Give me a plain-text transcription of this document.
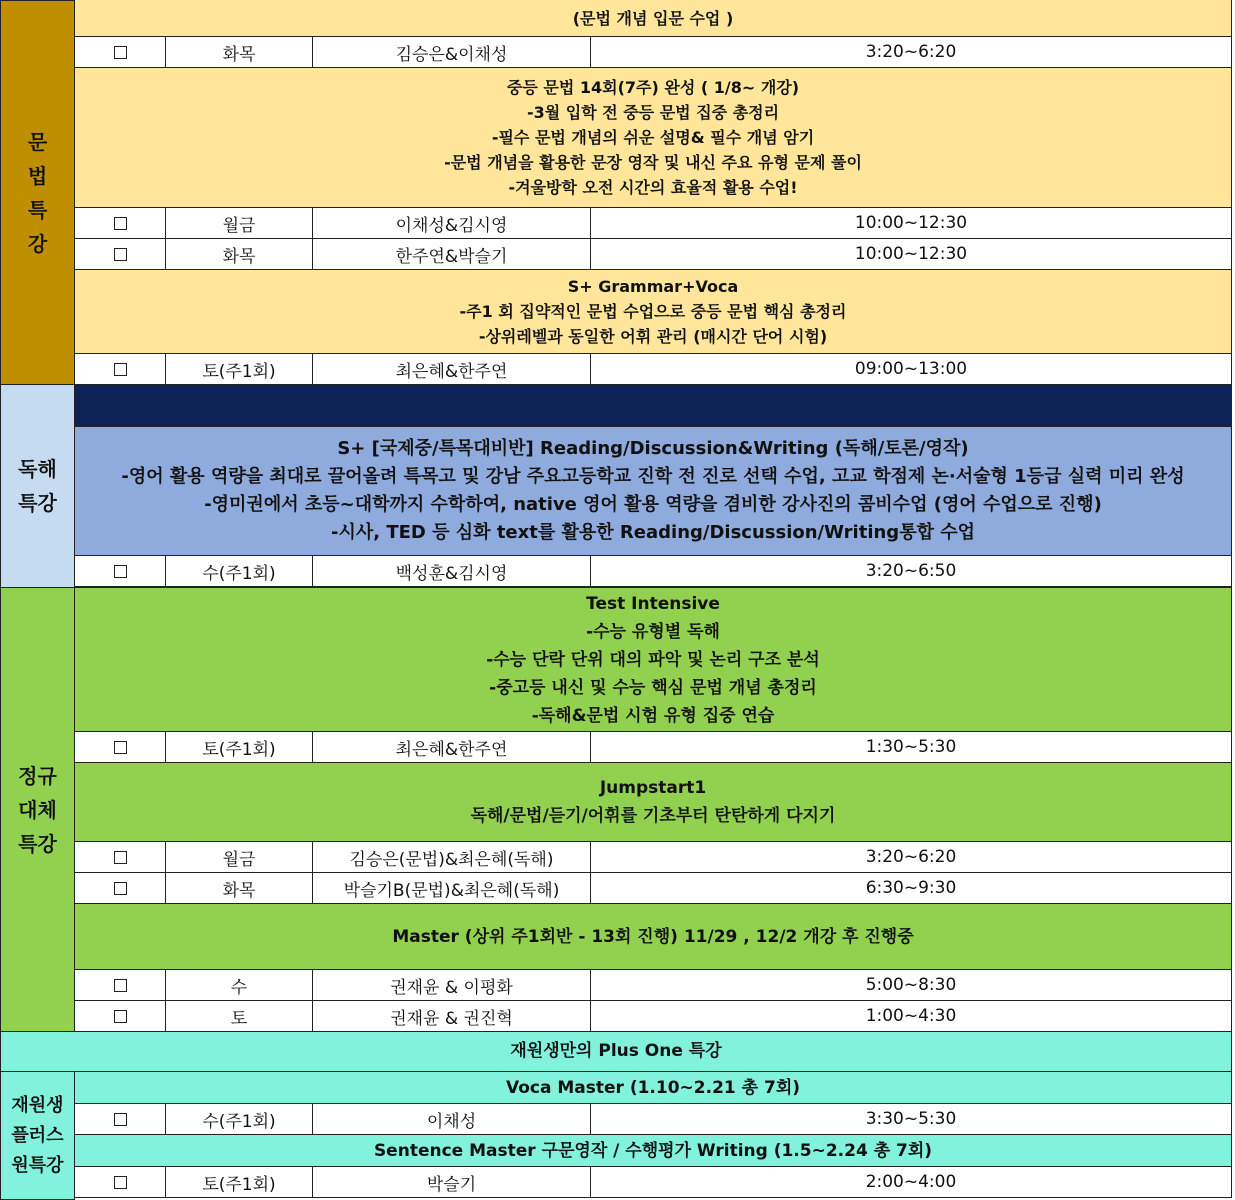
문
법
특
강
(문법 개념 입문 수업 )
화목	김승은&이채성	3:20~6:20
중등 문법 14회(7주) 완성 ( 1/8~ 개강)
-3월 입학 전 중등 문법 집중 총정리
-필수 문법 개념의 쉬운 설명& 필수 개념 암기
-문법 개념을 활용한 문장 영작 및 내신 주요 유형 문제 풀이
-겨울방학 오전 시간의 효율적 활용 수업!
월금	이채성&김시영	10:00~12:30
화목	한주연&박슬기	10:00~12:30
S+ Grammar+Voca
-주1 회 집약적인 문법 수업으로 중등 문법 핵심 총정리
-상위레벨과 동일한 어휘 관리 (매시간 단어 시험)
토(주1회)	최은혜&한주연	09:00~13:00
독해
특강
S+ [국제중/특목대비반] Reading/Discussion&Writing (독해/토론/영작)
-영어 활용 역량을 최대로 끌어올려 특목고 및 강남 주요고등학교 진학 전 진로 선택 수업, 고교 학점제 논·서술형 1등급 실력 미리 완성
-영미권에서 초등~대학까지 수학하여, native 영어 활용 역량을 겸비한 강사진의 콤비수업 (영어 수업으로 진행)
-시사, TED 등 심화 text를 활용한 Reading/Discussion/Writing통합 수업
수(주1회)	백성훈&김시영	3:20~6:50
정규
대체
특강
Test Intensive
-수능 유형별 독해
-수능 단락 단위 대의 파악 및 논리 구조 분석
-중고등 내신 및 수능 핵심 문법 개념 총정리
-독해&문법 시험 유형 집중 연습
토(주1회)	최은혜&한주연	1:30~5:30
Jumpstart1
독해/문법/듣기/어휘를 기초부터 탄탄하게 다지기
월금	김승은(문법)&최은혜(독해)	3:20~6:20
화목	박슬기B(문법)&최은혜(독해)	6:30~9:30
Master (상위 주1회반 - 13회 진행) 11/29 , 12/2 개강 후 진행중
수	권재윤 & 이평화	5:00~8:30
토	권재윤 & 권진혁	1:00~4:30
재원생만의 Plus One 특강
재원생
플러스
원특강
Voca Master (1.10~2.21 총 7회)
수(주1회)	이채성	3:30~5:30
Sentence Master 구문영작 / 수행평가 Writing (1.5~2.24 총 7회)
토(주1회)	박슬기	2:00~4:00
